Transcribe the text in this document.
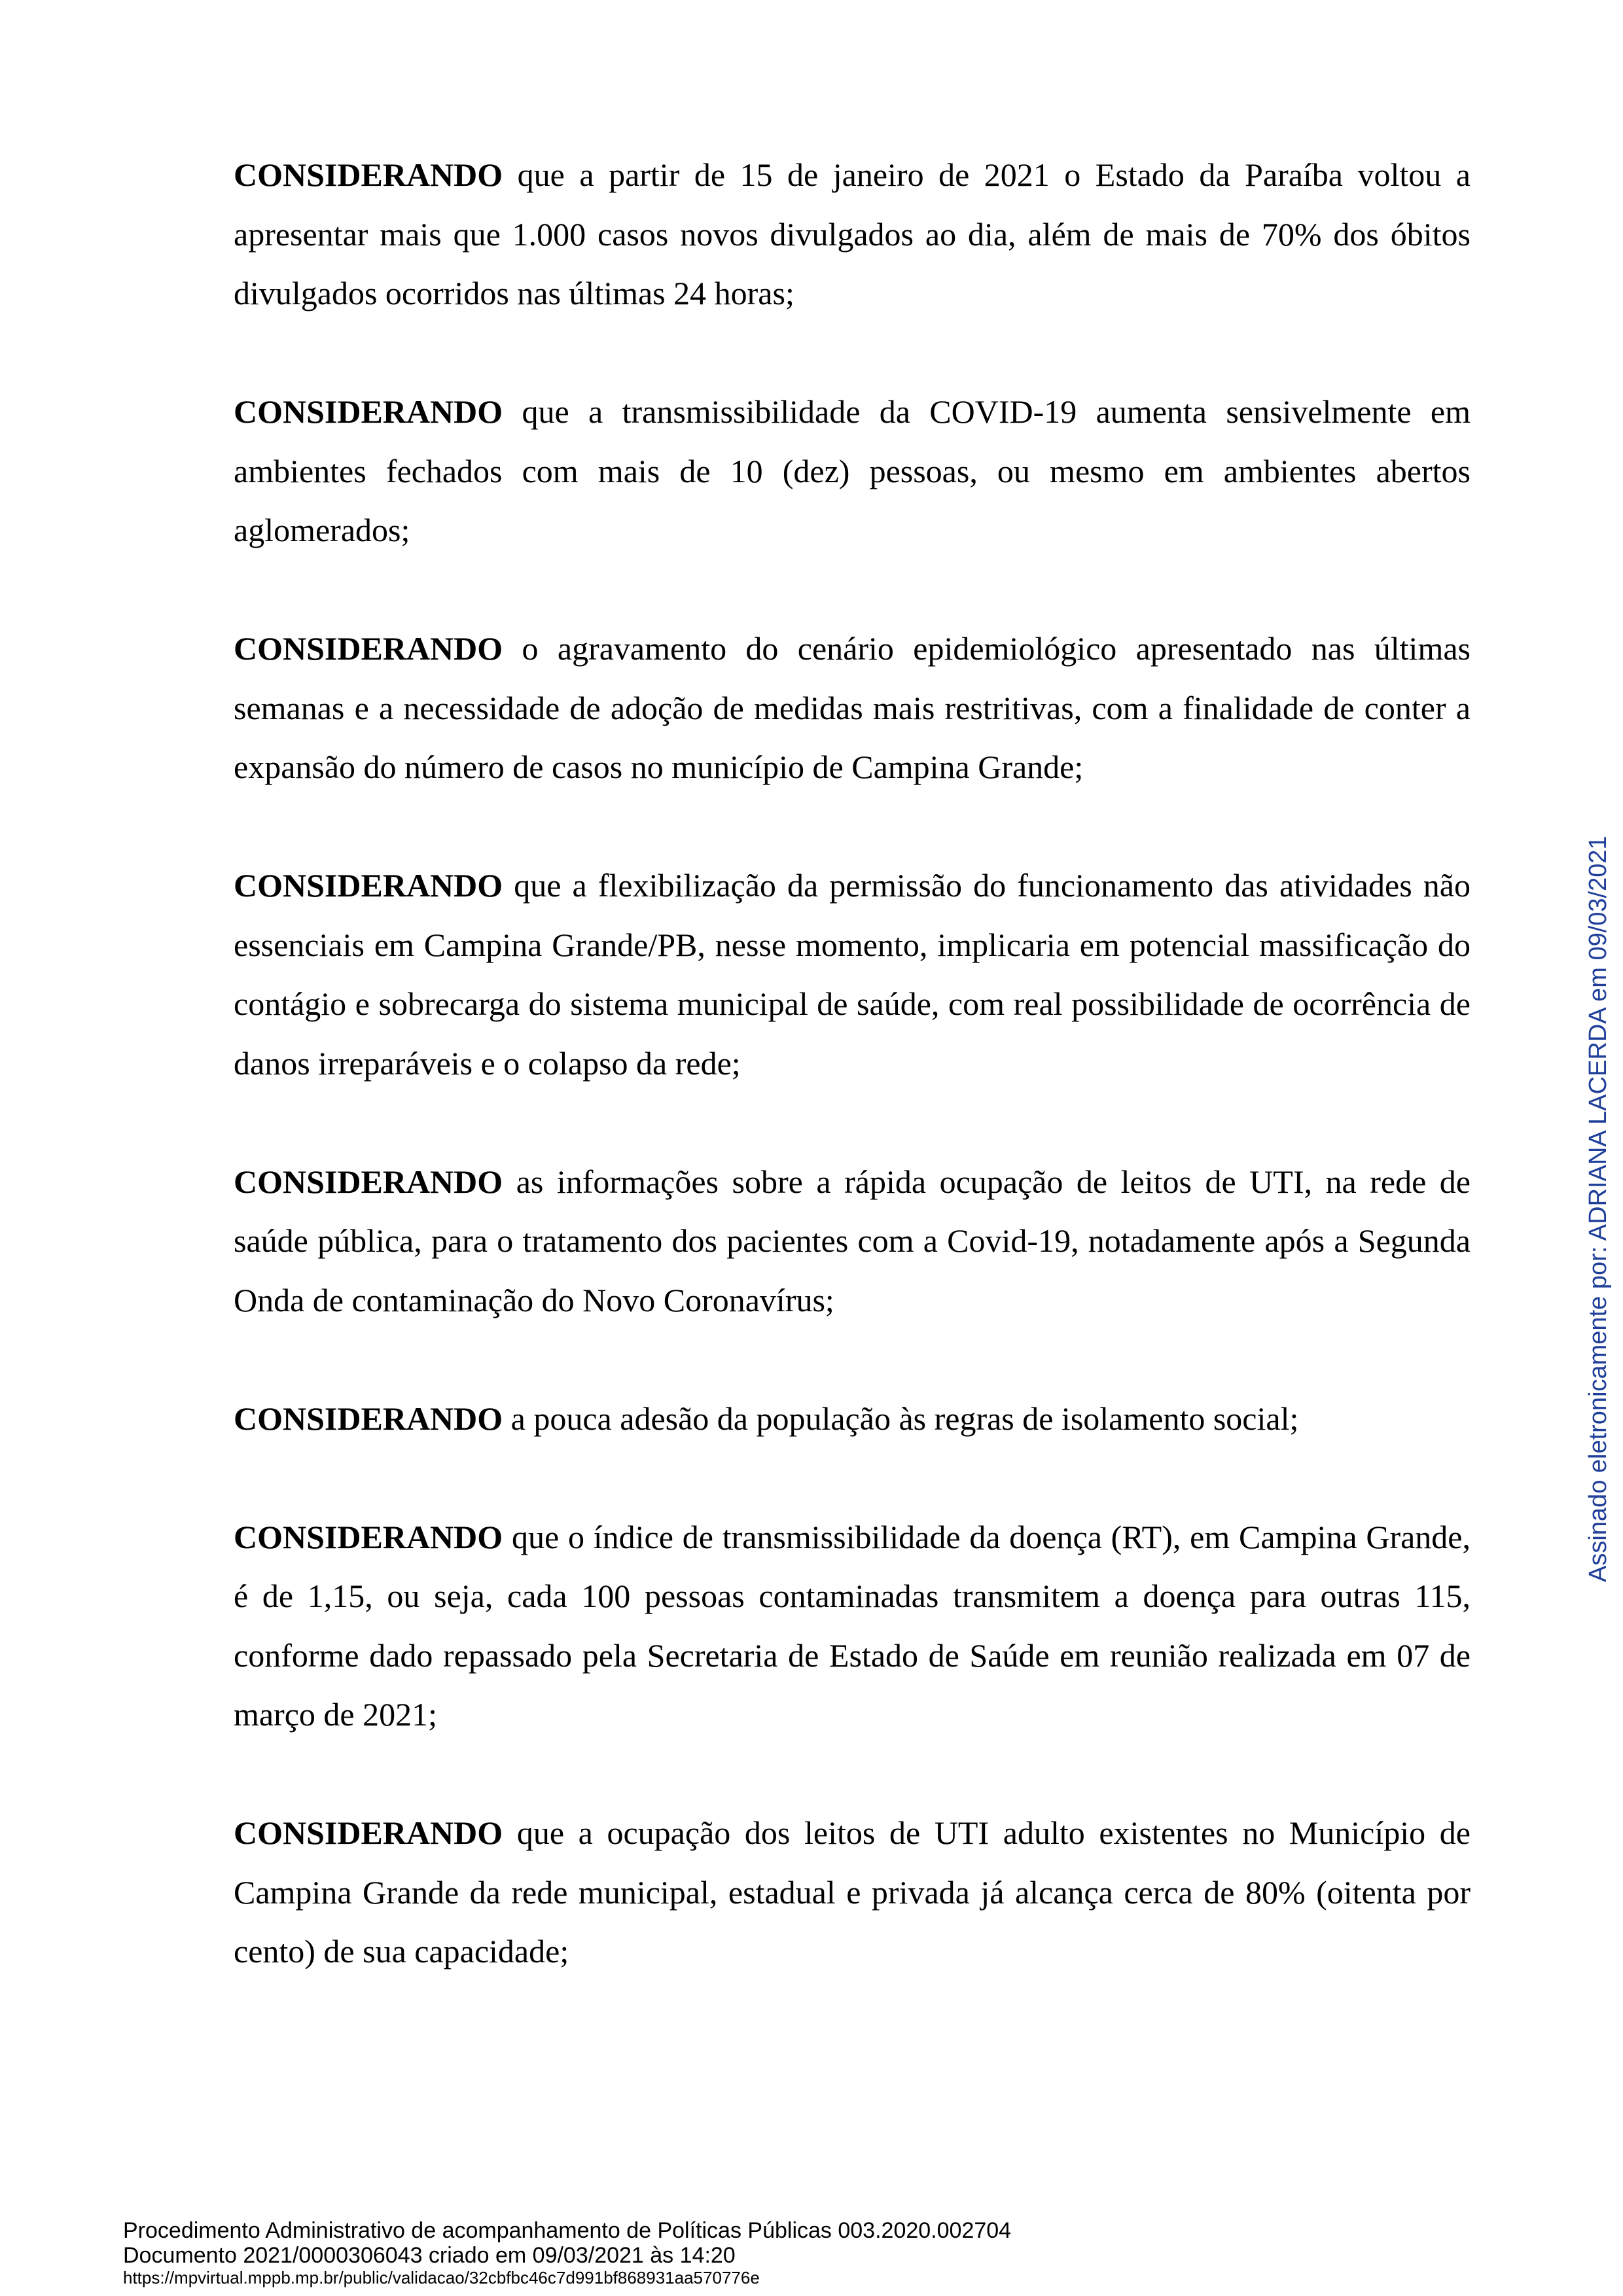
CONSIDERANDO que a partir de 15 de janeiro de 2021 o Estado da Paraíba voltou a apresentar mais que 1.000 casos novos divulgados ao dia, além de mais de 70% dos óbitos divulgados ocorridos nas últimas 24 horas;

CONSIDERANDO que a transmissibilidade da COVID-19 aumenta sensivelmente em ambientes fechados com mais de 10 (dez) pessoas, ou mesmo em ambientes abertos aglomerados;

CONSIDERANDO o agravamento do cenário epidemiológico apresentado nas últimas semanas e a necessidade de adoção de medidas mais restritivas, com a finalidade de conter a expansão do número de casos no município de Campina Grande;

CONSIDERANDO que a flexibilização da permissão do funcionamento das atividades não essenciais em Campina Grande/PB, nesse momento, implicaria em potencial massificação do contágio e sobrecarga do sistema municipal de saúde, com real possibilidade de ocorrência de danos irreparáveis e o colapso da rede;

CONSIDERANDO as informações sobre a rápida ocupação de leitos de UTI, na rede de saúde pública, para o tratamento dos pacientes com a Covid-19, notadamente após a Segunda Onda de contaminação do Novo Coronavírus;

CONSIDERANDO a pouca adesão da população às regras de isolamento social;

CONSIDERANDO que o índice de transmissibilidade da doença (RT), em Campina Grande, é de 1,15, ou seja, cada 100 pessoas contaminadas transmitem a doença para outras 115, conforme dado repassado pela Secretaria de Estado de Saúde em reunião realizada em 07 de março de 2021;

CONSIDERANDO que a ocupação dos leitos de UTI adulto existentes no Município de Campina Grande da rede municipal, estadual e privada já alcança cerca de 80% (oitenta por cento) de sua capacidade;

Assinado eletronicamente por: ADRIANA LACERDA em 09/03/2021
Procedimento Administrativo de acompanhamento de Políticas Públicas 003.2020.002704
Documento 2021/0000306043 criado em 09/03/2021 às 14:20
https://mpvirtual.mppb.mp.br/public/validacao/32cbfbc46c7d991bf868931aa570776e
